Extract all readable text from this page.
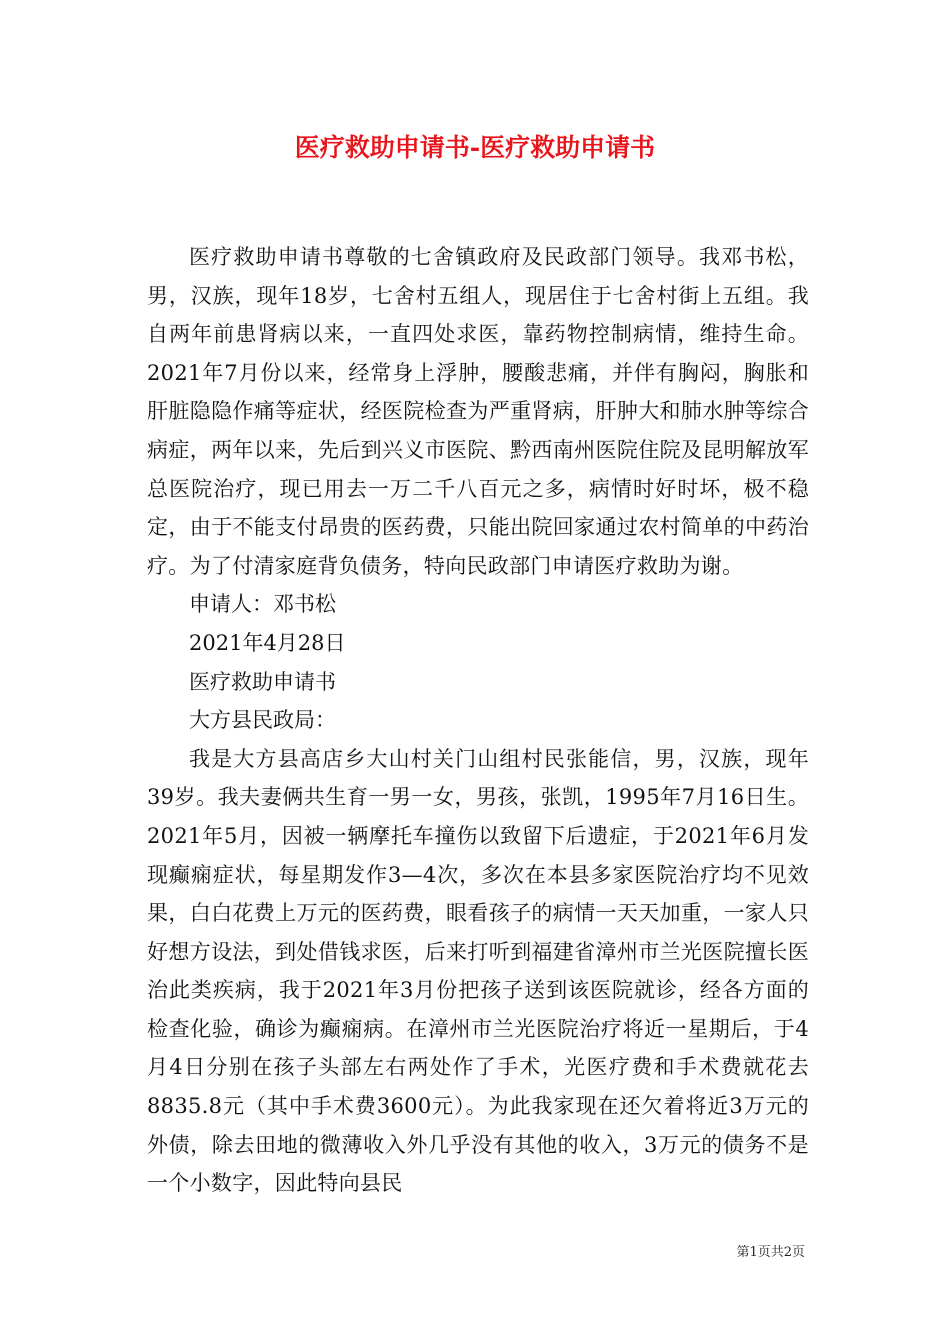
医疗救助申请书-医疗救助申请书

医疗救助申请书尊敬的七舍镇政府及民政部门领导。我邓书松，男，汉族，现年18岁，七舍村五组人，现居住于七舍村街上五组。我自两年前患肾病以来，一直四处求医，靠药物控制病情，维持生命。2021年7月份以来，经常身上浮肿，腰酸悲痛，并伴有胸闷，胸胀和肝脏隐隐作痛等症状，经医院检查为严重肾病，肝肿大和肺水肿等综合病症，两年以来，先后到兴义市医院、黔西南州医院住院及昆明解放军总医院治疗，现已用去一万二千八百元之多，病情时好时坏，极不稳定，由于不能支付昂贵的医药费，只能出院回家通过农村简单的中药治疗。为了付清家庭背负债务，特向民政部门申请医疗救助为谢。

申请人：邓书松

2021年4月28日

医疗救助申请书

大方县民政局：

我是大方县高店乡大山村关门山组村民张能信，男，汉族，现年39岁。我夫妻俩共生育一男一女，男孩，张凯，1995年7月16日生。2021年5月，因被一辆摩托车撞伤以致留下后遗症，于2021年6月发现癫痫症状，每星期发作3—4次，多次在本县多家医院治疗均不见效果，白白花费上万元的医药费，眼看孩子的病情一天天加重，一家人只好想方设法，到处借钱求医，后来打听到福建省漳州市兰光医院擅长医治此类疾病，我于2021年3月份把孩子送到该医院就诊，经各方面的检查化验，确诊为癫痫病。在漳州市兰光医院治疗将近一星期后，于4月4日分别在孩子头部左右两处作了手术，光医疗费和手术费就花去8835.8元（其中手术费3600元）。为此我家现在还欠着将近3万元的外债，除去田地的微薄收入外几乎没有其他的收入，3万元的债务不是一个小数字，因此特向县民

第1页共2页
